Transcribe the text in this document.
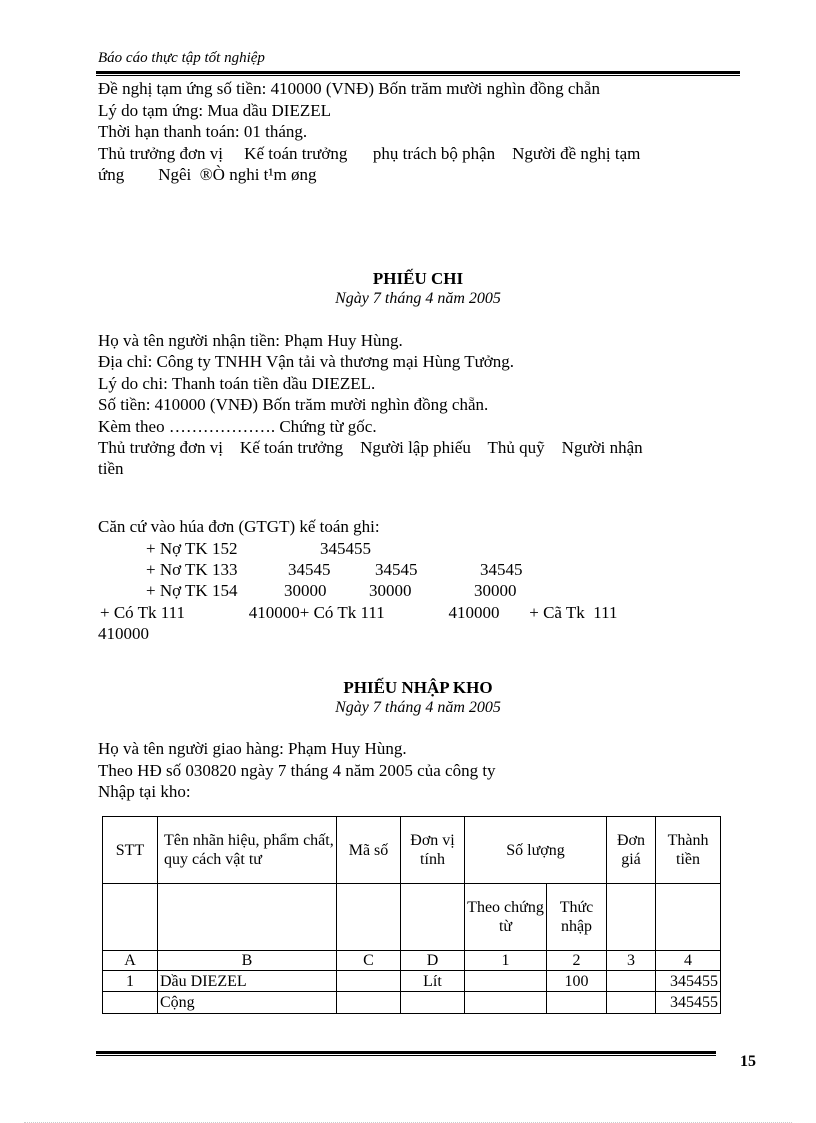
Báo cáo thực tập tốt nghiệp
Đề nghị tạm ứng số tiền: 410000 (VNĐ) Bốn trăm mười nghìn đồng chẵn
Lý do tạm ứng: Mua dầu DIEZEL
Thời hạn thanh toán: 01 tháng.
Thủ trưởng đơn vị     Kế toán trưởng      phụ trách bộ phận    Người đề nghị tạm
ứng        Ngêi  ®Ò nghi t¹m øng
PHIẾU CHI
Ngày 7 tháng 4 năm 2005
Họ và tên người nhận tiền: Phạm Huy Hùng.
Địa chỉ: Công ty TNHH Vận tải và thương mại Hùng Tưởng.
Lý do chi: Thanh toán tiền dầu DIEZEL.
Số tiền: 410000 (VNĐ) Bốn trăm mười nghìn đồng chẵn.
Kèm theo ………………. Chứng từ gốc.
Thủ trưởng đơn vị    Kế toán trưởng    Người lập phiếu    Thủ quỹ    Người nhận
tiền
Căn cứ vào húa đơn (GTGT) kế toán ghi:
+ Nợ TK 152	345455
+ Nơ TK 133	34545	34545	34545
+ Nợ TK 154	30000	30000	30000
+ Có Tk 111               410000+ Có Tk 111               410000       + Cã Tk  111
410000
PHIẾU NHẬP KHO
Ngày 7 tháng 4 năm 2005
Họ và tên người giao hàng: Phạm Huy Hùng.
Theo HĐ số 030820 ngày 7 tháng 4 năm 2005 của công ty
Nhập tại kho:
STT	Tên nhãn hiệu, phẩm chất, quy cách vật tư	Mã số	Đơn vị tính	Số lượng		Đơn giá	Thành tiền
				Theo chứng từ	Thức nhập		
A	B	C	D	1	2	3	4
1	Dầu DIEZEL		Lít		100		345455
	Cộng						345455
15
